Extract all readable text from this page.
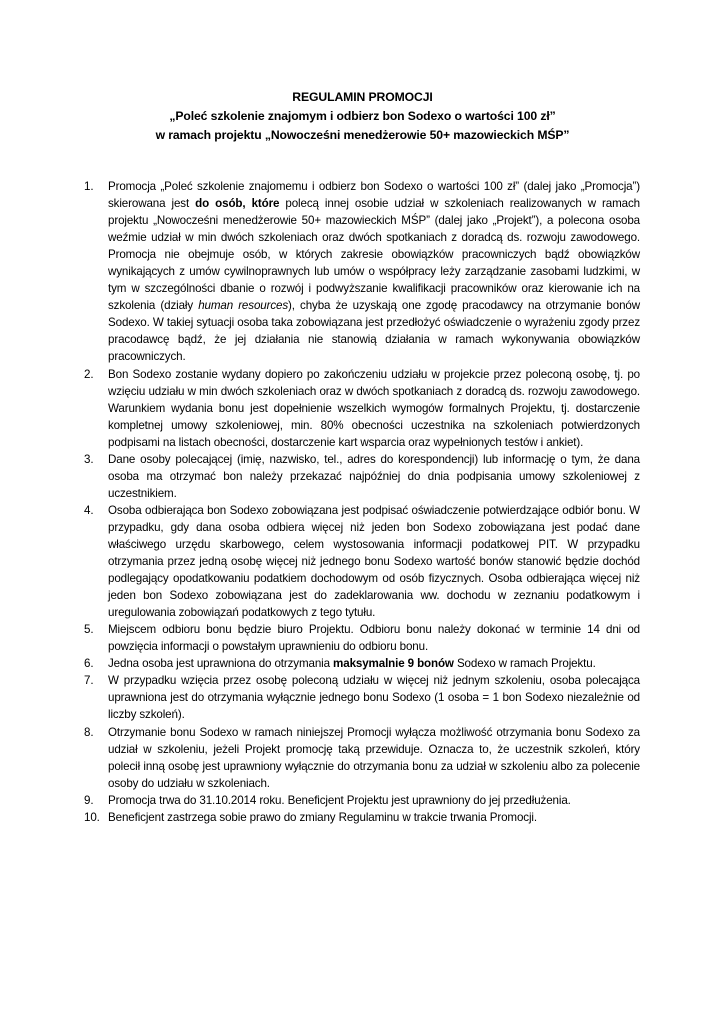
REGULAMIN PROMOCJI
„Poleć szkolenie znajomym i odbierz bon Sodexo o wartości 100 zł”
w ramach projektu „Nowocześni menedżerowie 50+ mazowieckich MŚP”
1.	Promocja „Poleć szkolenie znajomemu i odbierz bon Sodexo o wartości 100 zł” (dalej jako „Promocja”) skierowana jest do osób, które polecą innej osobie udział w szkoleniach realizowanych w ramach projektu „Nowocześni menedżerowie 50+ mazowieckich MŚP” (dalej jako „Projekt”), a polecona osoba weźmie udział w min dwóch szkoleniach oraz dwóch spotkaniach z doradcą ds. rozwoju zawodowego. Promocja nie obejmuje osób, w których zakresie obowiązków pracowniczych bądź obowiązków wynikających z umów cywilnoprawnych lub umów o współpracy leży zarządzanie zasobami ludzkimi, w tym w szczególności dbanie o rozwój i podwyższanie kwalifikacji pracowników oraz kierowanie ich na szkolenia (działy human resources), chyba że uzyskają one zgodę pracodawcy na otrzymanie bonów Sodexo. W takiej sytuacji osoba taka zobowiązana jest przedłożyć oświadczenie o wyrażeniu zgody przez pracodawcę bądź, że jej działania nie stanowią działania w ramach wykonywania obowiązków pracowniczych.
2.	Bon Sodexo zostanie wydany dopiero po zakończeniu udziału w projekcie przez poleconą osobę, tj. po wzięciu udziału w min dwóch szkoleniach oraz w dwóch spotkaniach z doradcą ds. rozwoju zawodowego. Warunkiem wydania bonu jest dopełnienie wszelkich wymogów formalnych Projektu, tj. dostarczenie kompletnej umowy szkoleniowej, min. 80% obecności uczestnika na szkoleniach potwierdzonych podpisami na listach obecności, dostarczenie kart wsparcia oraz wypełnionych testów i ankiet).
3.	Dane osoby polecającej (imię, nazwisko, tel., adres do korespondencji) lub informację o tym, że dana osoba ma otrzymać bon należy przekazać najpóźniej do dnia podpisania umowy szkoleniowej z uczestnikiem.
4.	Osoba odbierająca bon Sodexo zobowiązana jest podpisać oświadczenie potwierdzające odbiór bonu. W przypadku, gdy dana osoba odbiera więcej niż jeden bon Sodexo zobowiązana jest podać dane właściwego urzędu skarbowego, celem wystosowania informacji podatkowej PIT. W przypadku otrzymania przez jedną osobę więcej niż jednego bonu Sodexo wartość bonów stanowić będzie dochód podlegający opodatkowaniu podatkiem dochodowym od osób fizycznych. Osoba odbierająca więcej niż jeden bon Sodexo zobowiązana jest do zadeklarowania ww. dochodu w zeznaniu podatkowym i uregulowania zobowiązań podatkowych z tego tytułu.
5.	Miejscem odbioru bonu będzie biuro Projektu. Odbioru bonu należy dokonać w terminie 14 dni od powzięcia informacji o powstałym uprawnieniu do odbioru bonu.
6.	Jedna osoba jest uprawniona do otrzymania maksymalnie 9 bonów Sodexo w ramach Projektu.
7.	W przypadku wzięcia przez osobę poleconą udziału w więcej niż jednym szkoleniu, osoba polecająca uprawniona jest do otrzymania wyłącznie jednego bonu Sodexo (1 osoba = 1 bon Sodexo niezależnie od liczby szkoleń).
8.	Otrzymanie bonu Sodexo w ramach niniejszej Promocji wyłącza możliwość otrzymania bonu Sodexo za udział w szkoleniu, jeżeli Projekt promocję taką przewiduje. Oznacza to, że uczestnik szkoleń, który polecił inną osobę jest uprawniony wyłącznie do otrzymania bonu za udział w szkoleniu albo za polecenie osoby do udziału w szkoleniach.
9.	Promocja trwa do 31.10.2014 roku. Beneficjent Projektu jest uprawniony do jej przedłużenia.
10. Beneficjent zastrzega sobie prawo do zmiany Regulaminu w trakcie trwania Promocji.
